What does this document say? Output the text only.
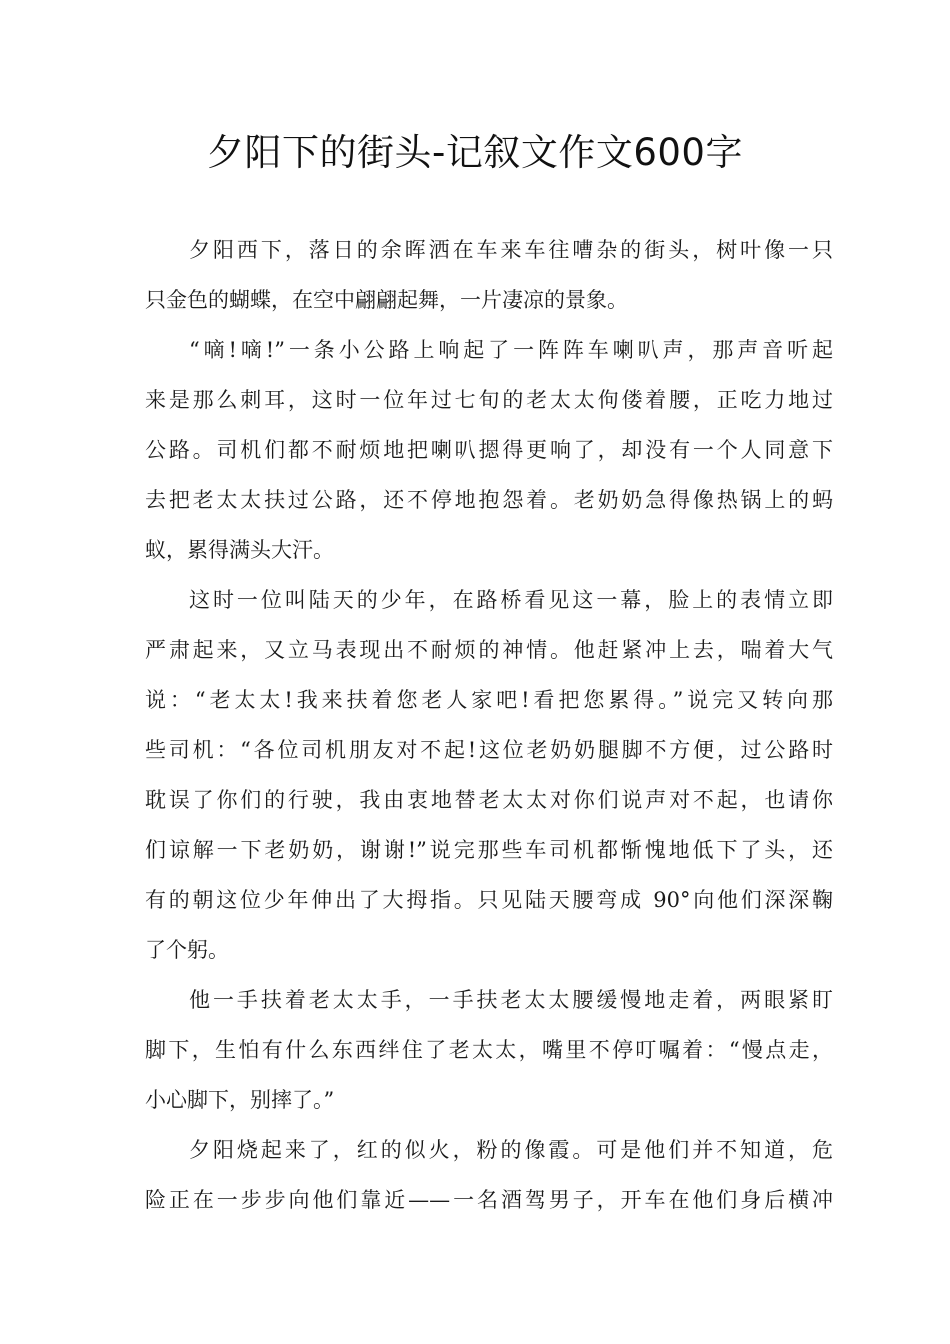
夕阳下的街头-记叙文作文600字
夕阳西下，落日的余晖洒在车来车往嘈杂的街头，树叶像一只
只金色的蝴蝶，在空中翩翩起舞，一片凄凉的景象。
“嘀!嘀!”一条小公路上响起了一阵阵车喇叭声，那声音听起
来是那么刺耳，这时一位年过七旬的老太太佝偻着腰，正吃力地过
公路。司机们都不耐烦地把喇叭摁得更响了，却没有一个人同意下
去把老太太扶过公路，还不停地抱怨着。老奶奶急得像热锅上的蚂
蚁，累得满头大汗。
这时一位叫陆天的少年，在路桥看见这一幕，脸上的表情立即
严肃起来，又立马表现出不耐烦的神情。他赶紧冲上去，喘着大气
说：“老太太!我来扶着您老人家吧!看把您累得。”说完又转向那
些司机：“各位司机朋友对不起!这位老奶奶腿脚不方便，过公路时
耽误了你们的行驶，我由衷地替老太太对你们说声对不起，也请你
们谅解一下老奶奶，谢谢!”说完那些车司机都惭愧地低下了头，还
有的朝这位少年伸出了大拇指。只见陆天腰弯成 90°向他们深深鞠
了个躬。
他一手扶着老太太手，一手扶老太太腰缓慢地走着，两眼紧盯
脚下，生怕有什么东西绊住了老太太，嘴里不停叮嘱着：“慢点走，
小心脚下，别摔了。”
夕阳烧起来了，红的似火，粉的像霞。可是他们并不知道，危
险正在一步步向他们靠近——一名酒驾男子，开车在他们身后横冲
